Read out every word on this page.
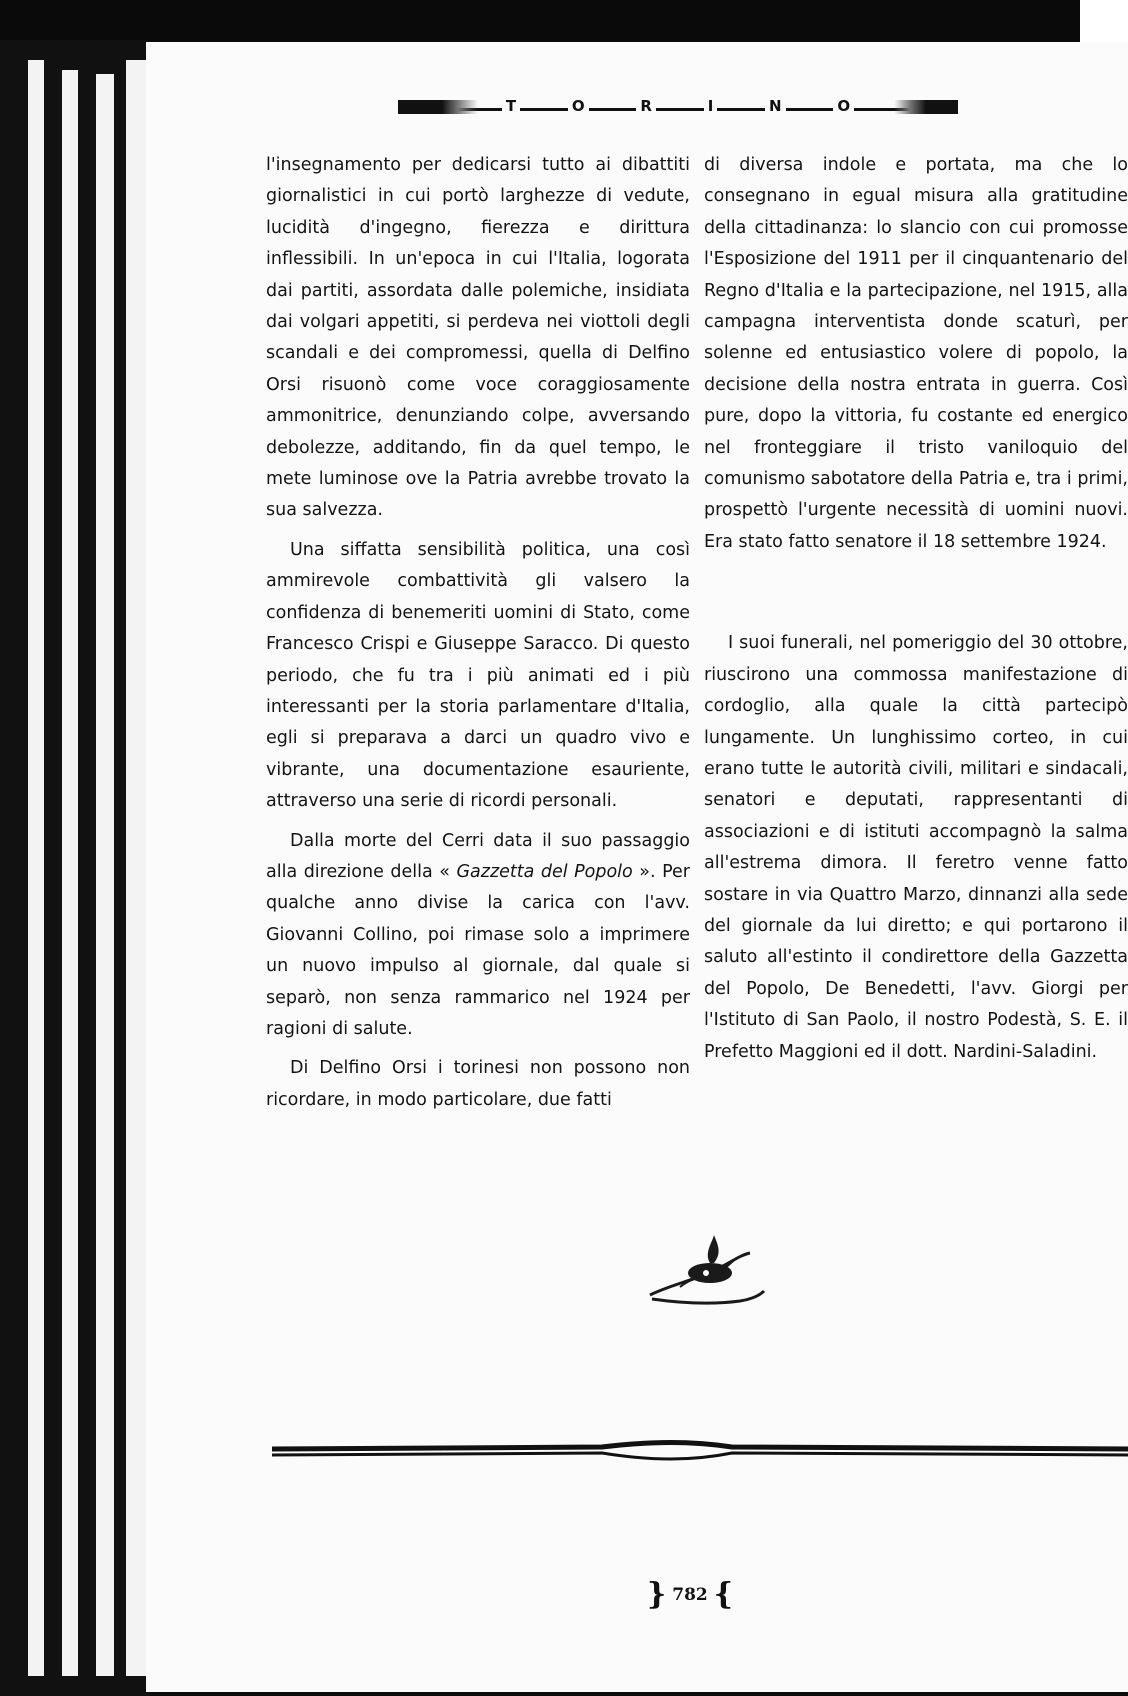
T	O	R	I	N	O

l'insegnamento per dedicarsi tutto ai dibattiti giornalistici in cui portò larghezze di vedute, lucidità d'ingegno, fierezza e dirittura inflessibili. In un'epoca in cui l'Italia, logorata dai partiti, assordata dalle polemiche, insidiata dai volgari appetiti, si perdeva nei viottoli degli scandali e dei compromessi, quella di Delfino Orsi risuonò come voce coraggiosamente ammonitrice, denunziando colpe, avversando debolezze, additando, fin da quel tempo, le mete luminose ove la Patria avrebbe trovato la sua salvezza.

Una siffatta sensibilità politica, una così ammirevole combattività gli valsero la confidenza di benemeriti uomini di Stato, come Francesco Crispi e Giuseppe Saracco. Di questo periodo, che fu tra i più animati ed i più interessanti per la storia parlamentare d'Italia, egli si preparava a darci un quadro vivo e vibrante, una documentazione esauriente, attraverso una serie di ricordi personali.

Dalla morte del Cerri data il suo passaggio alla direzione della « Gazzetta del Popolo ». Per qualche anno divise la carica con l'avv. Giovanni Collino, poi rimase solo a imprimere un nuovo impulso al giornale, dal quale si separò, non senza rammarico nel 1924 per ragioni di salute.

Di Delfino Orsi i torinesi non possono non ricordare, in modo particolare, due fatti

di diversa indole e portata, ma che lo consegnano in egual misura alla gratitudine della cittadinanza: lo slancio con cui promosse l'Esposizione del 1911 per il cinquantenario del Regno d'Italia e la partecipazione, nel 1915, alla campagna interventista donde scaturì, per solenne ed entusiastico volere di popolo, la decisione della nostra entrata in guerra. Così pure, dopo la vittoria, fu costante ed energico nel fronteggiare il tristo vaniloquio del comunismo sabotatore della Patria e, tra i primi, prospettò l'urgente necessità di uomini nuovi. Era stato fatto senatore il 18 settembre 1924.

I suoi funerali, nel pomeriggio del 30 ottobre, riuscirono una commossa manifestazione di cordoglio, alla quale la città partecipò lungamente. Un lunghissimo corteo, in cui erano tutte le autorità civili, militari e sindacali, senatori e deputati, rappresentanti di associazioni e di istituti accompagnò la salma all'estrema dimora. Il feretro venne fatto sostare in via Quattro Marzo, dinnanzi alla sede del giornale da lui diretto; e qui portarono il saluto all'estinto il condirettore della Gazzetta del Popolo, De Benedetti, l'avv. Giorgi per l'Istituto di San Paolo, il nostro Podestà, S. E. il Prefetto Maggioni ed il dott. Nardini-Saladini.

} 782 {
